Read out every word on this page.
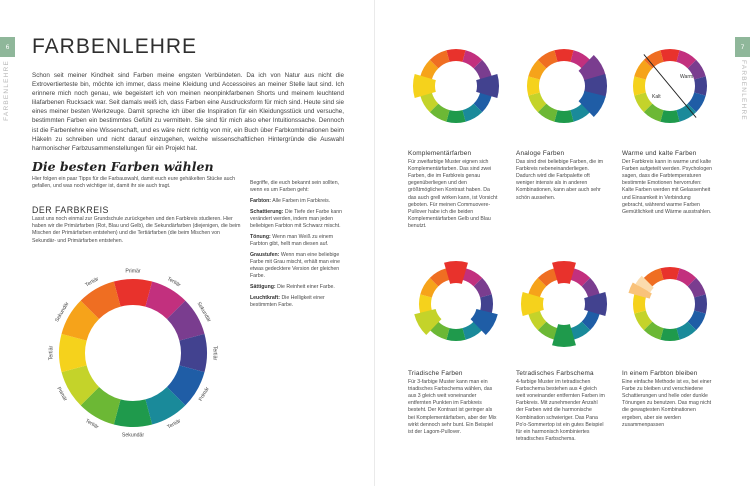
6
FARBENLEHRE
FARBENLEHRE
Schon seit meiner Kindheit sind Farben meine engsten Verbündeten. Da ich von Natur aus nicht die Extrovertierteste bin, möchte ich immer, dass meine Kleidung und Accessoires an meiner Stelle laut sind. Ich erinnere mich noch genau, wie begeistert ich von meinen neonpinkfarbenen Shorts und meinem leuchtend lilafarbenen Rucksack war. Seit damals weiß ich, dass Farben eine Ausdrucksform für mich sind. Heute sind sie eines meiner besten Werkzeuge. Damit spreche ich über die Inspiration für ein Kleidungsstück und versuche, bestimmten Farben ein bestimmtes Gefühl zu vermitteln. Sie sind für mich also eher Intuitionssache. Dennoch ist die Farbenlehre eine Wissenschaft, und es wäre nicht richtig von mir, ein Buch über Farbkombinationen beim Häkeln zu schreiben und nicht darauf einzugehen, welche wissenschaftlichen Hintergründe die Auswahl harmonischer Farbzusammenstellungen für ein Projekt hat.
Die besten Farben wählen
Hier folgen ein paar Tipps für die Farbauswahl, damit euch eure gehäkelten Stücke auch gefallen, und was noch wichtiger ist, damit ihr sie auch tragt.
DER FARBKREIS
Lasst uns noch einmal zur Grundschule zurückgehen und den Farbkreis studieren. Hier haben wir die Primärfarben (Rot, Blau und Gelb), die Sekundärfarben (diejenigen, die beim Mischen der Primärfarben entstehen) und die Tertiärfarben (die beim Mischen von Sekundär- und Primärfarben entstehen.

Begriffe, die euch bekannt sein sollten, wenn es um Farben geht:

Farbton: Alle Farben im Farbkreis.

Schattierung: Die Tiefe der Farbe kann verändert werden, indem man jeden beliebigen Farbton mit Schwarz mischt.

Tönung: Wenn man Weiß zu einem Farbton gibt, hellt man diesen auf.

Graustufen: Wenn man eine beliebige Farbe mit Grau mischt, erhält man eine etwas gedecktere Version der gleichen Farbe.

Sättigung: Die Reinheit einer Farbe.

Leuchtkraft: Die Helligkeit einer bestimmten Farbe.

Primär
Tertiär
Sekundär
Tertiär
Primär
Tertiär
Sekundär
Tertiär
Primär
Tertiär
Sekundär
Tertiär
7
FARBENLEHRE
Warm
Kalt
Komplementärfarben

Für zweifarbige Muster eignen sich Komplementärfarben. Das sind zwei Farben, die im Farbkreis genau gegenüberliegen und den größtmöglichen Kontrast haben. Da das auch grell wirken kann, ist Vorsicht geboten. Für meinen Commuovere-Pullover habe ich die beiden Komplementärfarben Gelb und Blau benutzt.

Analoge Farben

Das sind drei beliebige Farben, die im Farbkreis nebeneinanderliegen. Dadurch wird die Farbpalette oft weniger intensiv als in anderen Kombinationen, kann aber auch sehr schön aussehen.

Warme und kalte Farben

Der Farbkreis kann in warme und kalte Farben aufgeteilt werden. Psychologen sagen, dass die Farbtemperaturen bestimmte Emotionen hervorrufen: Kalte Farben werden mit Gelassenheit und Einsamkeit in Verbindung gebracht, während warme Farben Gemütlichkeit und Wärme ausstrahlen.

Triadische Farben

Für 3-farbige Muster kann man ein triadisches Farbschema wählen, das aus 3 gleich weit voneinander entfernten Punkten im Farbkreis besteht. Der Kontrast ist geringer als bei Komplementärfarben, aber der Mix wirkt dennoch sehr bunt. Ein Beispiel ist der Lagom-Pullover.

Tetradisches Farbschema

4-farbige Muster im tetradischen Farbschema bestehen aus 4 gleich weit voneinander entfernten Farben im Farbkreis. Mit zunehmender Anzahl der Farben wird die harmonische Kombination schwieriger. Das Pana Po'o-Sommertop ist ein gutes Beispiel für ein harmonisch kombiniertes tetradisches Farbschema.

In einem Farbton bleiben

Eine einfache Methode ist es, bei einer Farbe zu bleiben und verschiedene Schattierungen und helle oder dunkle Tönungen zu benutzen. Das mag nicht die gewagtesten Kombinationen ergeben, aber sie werden zusammenpassen
